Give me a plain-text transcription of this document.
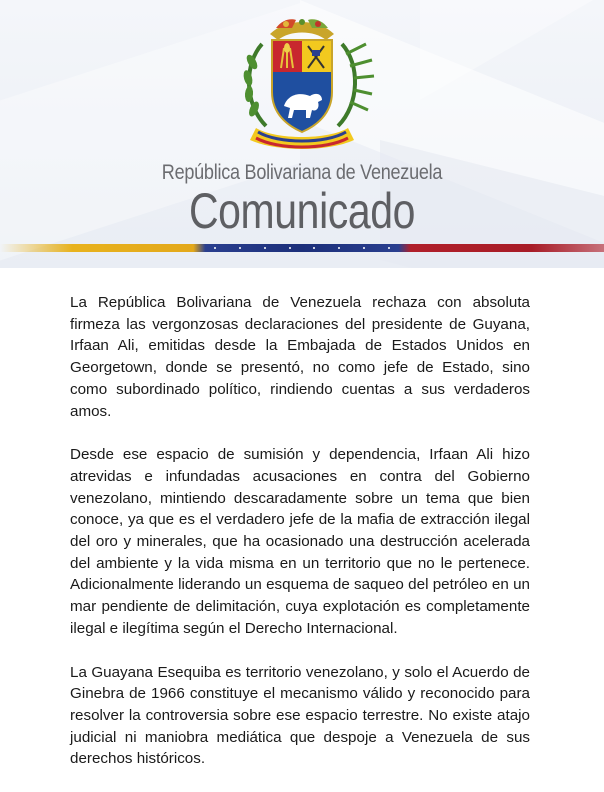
República Bolivariana de Venezuela
Comunicado

La República Bolivariana de Venezuela rechaza con absoluta firmeza las vergonzosas declaraciones del presidente de Guyana, Irfaan Ali, emitidas desde la Embajada de Estados Unidos en Georgetown, donde se presentó, no como jefe de Estado, sino como subordinado político, rindiendo cuentas a sus verdaderos amos.

Desde ese espacio de sumisión y dependencia, Irfaan Ali hizo atrevidas e infundadas acusaciones en contra del Gobierno venezolano, mintiendo descaradamente sobre un tema que bien conoce, ya que es el verdadero jefe de la mafia de extracción ilegal del oro y minerales, que ha ocasionado una destrucción acelerada del ambiente y la vida misma en un territorio que no le pertenece. Adicionalmente liderando un esquema de saqueo del petróleo en un mar pendiente de delimitación, cuya explotación es completamente ilegal e ilegítima según el Derecho Internacional.

La Guayana Esequiba es territorio venezolano, y solo el Acuerdo de Ginebra de 1966 constituye el mecanismo válido y reconocido para resolver la controversia sobre ese espacio terrestre. No existe atajo judicial ni maniobra mediática que despoje a Venezuela de sus derechos históricos.
